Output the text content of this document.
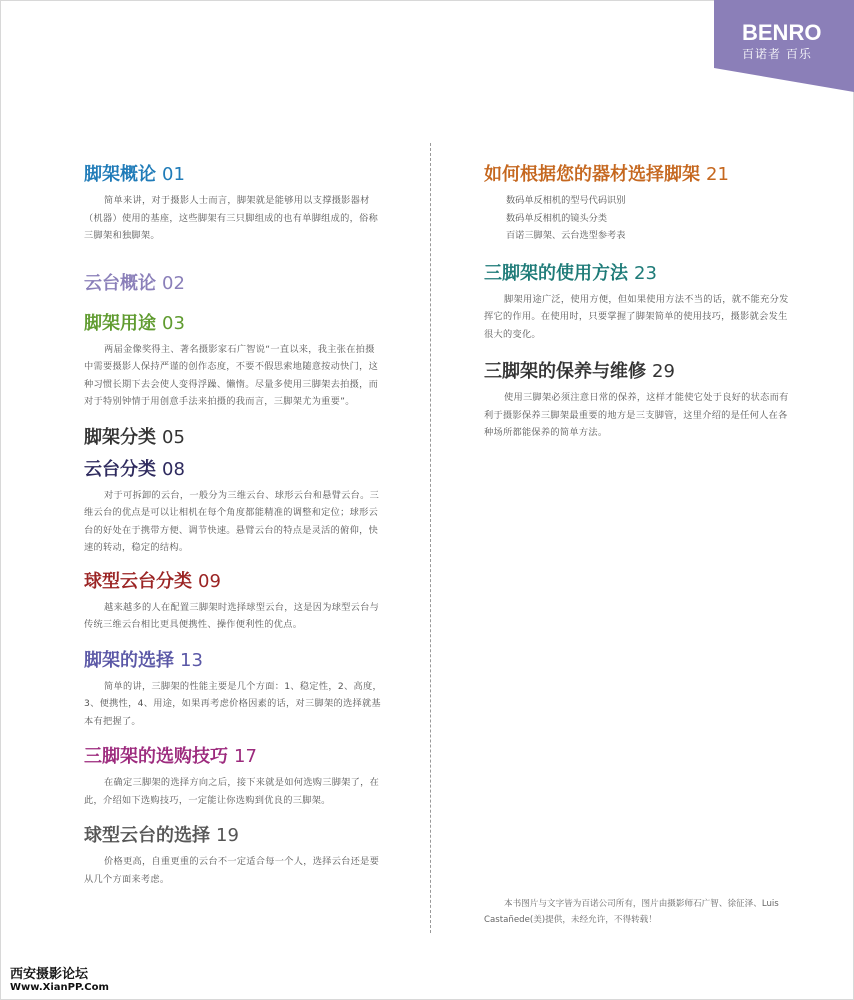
BENRO
百诺者 百乐
脚架概论 01

简单来讲，对于摄影人士而言，脚架就是能够用以支撑摄影器材（机器）使用的基座，这些脚架有三只脚组成的也有单脚组成的，俗称三脚架和独脚架。

云台概论 02
脚架用途 03

两届金像奖得主、著名摄影家石广智说“一直以来，我主张在拍摄中需要摄影人保持严谨的创作态度，不要不假思索地随意按动快门，这种习惯长期下去会使人变得浮躁、懒惰。尽量多使用三脚架去拍摄，而对于特别钟情于用创意手法来拍摄的我而言，三脚架尤为重要”。

脚架分类 05
云台分类 08

对于可拆卸的云台，一般分为三维云台、球形云台和悬臂云台。三维云台的优点是可以让相机在每个角度都能精准的调整和定位；球形云台的好处在于携带方便、调节快速。悬臂云台的特点是灵活的俯仰，快速的转动，稳定的结构。

球型云台分类 09

越来越多的人在配置三脚架时选择球型云台，这是因为球型云台与传统三维云台相比更具便携性、操作便利性的优点。

脚架的选择 13

简单的讲，三脚架的性能主要是几个方面：1、稳定性，2、高度，3、便携性，4、用途，如果再考虑价格因素的话，对三脚架的选择就基本有把握了。

三脚架的选购技巧 17

在确定三脚架的选择方向之后，接下来就是如何选购三脚架了，在此，介绍如下选购技巧，一定能让你选购到优良的三脚架。

球型云台的选择 19

价格更高，自重更重的云台不一定适合每一个人，选择云台还是要从几个方面来考虑。

如何根据您的器材选择脚架 21
数码单反相机的型号代码识别
数码单反相机的镜头分类
百诺三脚架、云台选型参考表
三脚架的使用方法 23

脚架用途广泛，使用方便，但如果使用方法不当的话，就不能充分发挥它的作用。在使用时，只要掌握了脚架简单的使用技巧，摄影就会发生很大的变化。

三脚架的保养与维修 29

使用三脚架必须注意日常的保养，这样才能使它处于良好的状态而有利于摄影保养三脚架最重要的地方是三支脚管，这里介绍的是任何人在各种场所都能保养的简单方法。

本书图片与文字皆为百诺公司所有，图片由摄影师石广智、徐征泽、Luis Castañede(美)提供，未经允许，不得转载！
西安摄影论坛
Www.XianPP.Com
